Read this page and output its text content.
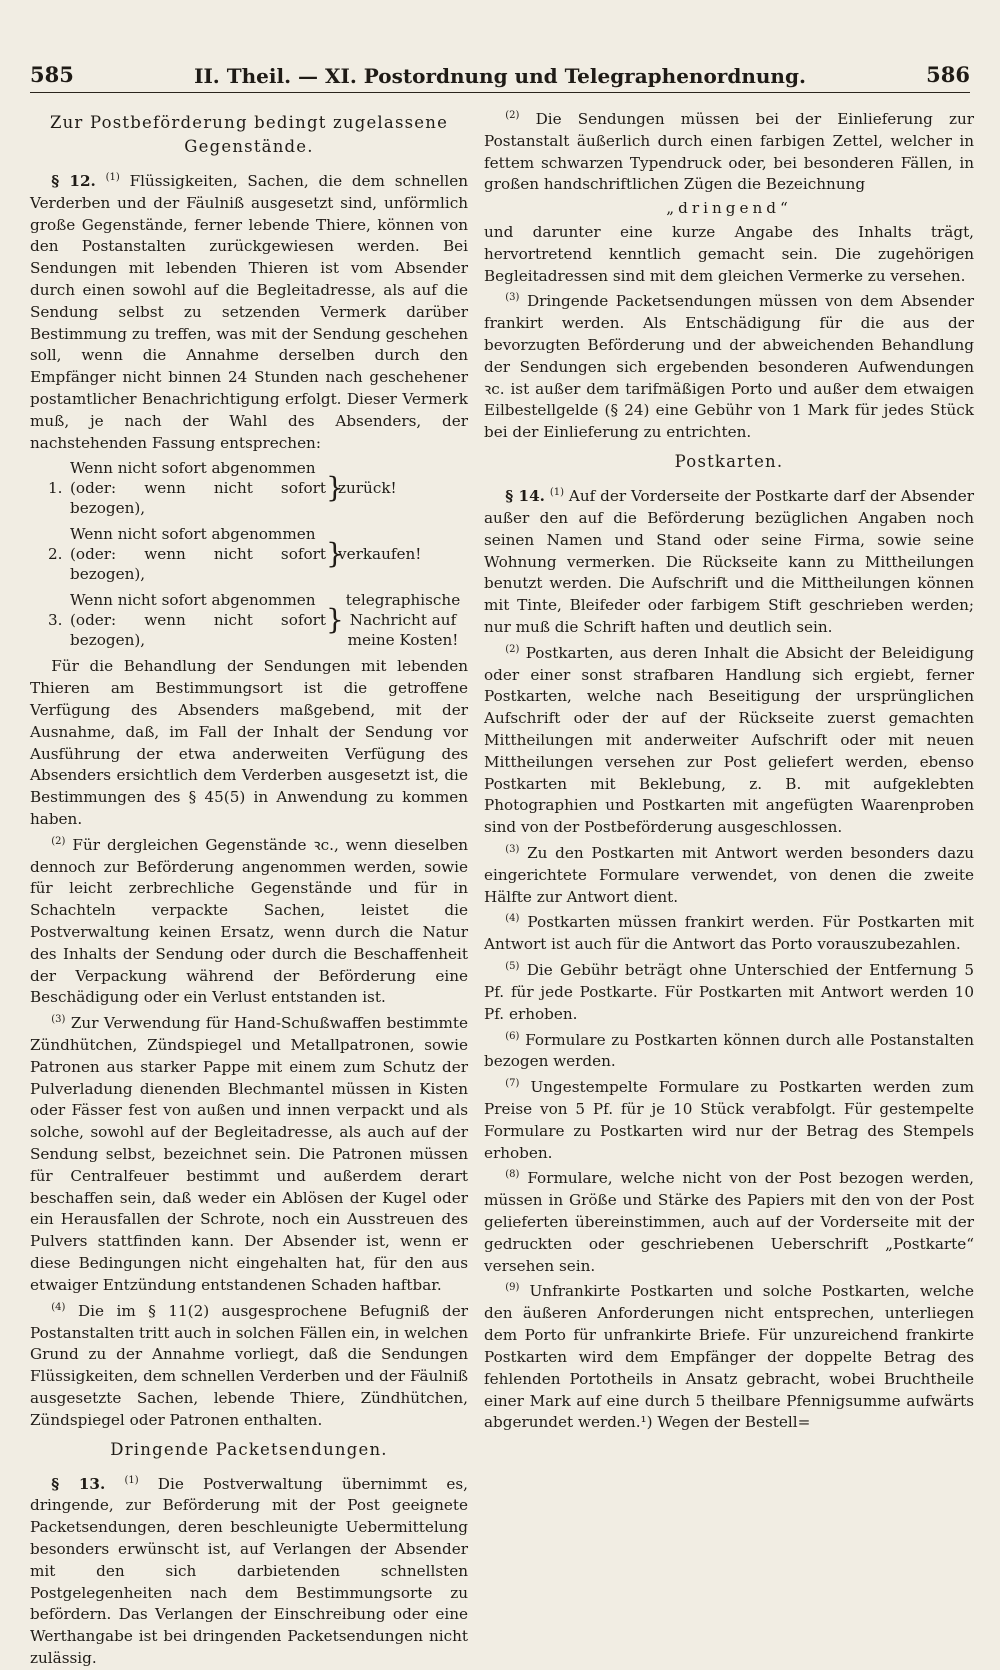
585	II. Theil. — XI. Postordnung und Telegraphenordnung.	586
Zur Postbeförderung bedingt zugelassene Gegenstände.

§ 12. $^{(1)}$ Flüssigkeiten, Sachen, die dem schnellen Verderben und der Fäulniß ausgesetzt sind, unförmlich große Gegenstände, ferner lebende Thiere, können von den Postanstalten zurückgewiesen werden. Bei Sendungen mit lebenden Thieren ist vom Absender durch einen sowohl auf die Begleitadresse, als auf die Sendung selbst zu setzenden Vermerk darüber Bestimmung zu treffen, was mit der Sendung geschehen soll, wenn die Annahme derselben durch den Empfänger nicht binnen 24 Stunden nach geschehener postamtlicher Benachrichtigung erfolgt. Dieser Vermerk muß, je nach der Wahl des Absenders, der nachstehenden Fassung entsprechen:

1.
Wenn nicht sofort abgenommen
(oder: wenn nicht sofort bezogen),
}
zurück!
2.
Wenn nicht sofort abgenommen
(oder: wenn nicht sofort bezogen),
}
verkaufen!
3.
Wenn nicht sofort abgenommen
(oder: wenn nicht sofort bezogen),
}
telegraphische Nachricht auf meine Kosten!

Für die Behandlung der Sendungen mit lebenden Thieren am Bestimmungsort ist die getroffene Verfügung des Absenders maßgebend, mit der Ausnahme, daß, im Fall der Inhalt der Sendung vor Ausführung der etwa anderweiten Verfügung des Absenders ersichtlich dem Verderben ausgesetzt ist, die Bestimmungen des § 45(5) in Anwendung zu kommen haben.

$^{(2)}$ Für dergleichen Gegenstände ꝛc., wenn dieselben dennoch zur Beförderung angenommen werden, sowie für leicht zerbrechliche Gegenstände und für in Schachteln verpackte Sachen, leistet die Postverwaltung keinen Ersatz, wenn durch die Natur des Inhalts der Sendung oder durch die Beschaffenheit der Verpackung während der Beförderung eine Beschädigung oder ein Verlust entstanden ist.

$^{(3)}$ Zur Verwendung für Hand-Schußwaffen bestimmte Zündhütchen, Zündspiegel und Metallpatronen, sowie Patronen aus starker Pappe mit einem zum Schutz der Pulverladung dienenden Blechmantel müssen in Kisten oder Fässer fest von außen und innen verpackt und als solche, sowohl auf der Begleitadresse, als auch auf der Sendung selbst, bezeichnet sein. Die Patronen müssen für Centralfeuer bestimmt und außerdem derart beschaffen sein, daß weder ein Ablösen der Kugel oder ein Herausfallen der Schrote, noch ein Ausstreuen des Pulvers stattfinden kann. Der Absender ist, wenn er diese Bedingungen nicht eingehalten hat, für den aus etwaiger Entzündung entstandenen Schaden haftbar.

$^{(4)}$ Die im § 11(2) ausgesprochene Befugniß der Postanstalten tritt auch in solchen Fällen ein, in welchen Grund zu der Annahme vorliegt, daß die Sendungen Flüssigkeiten, dem schnellen Verderben und der Fäulniß ausgesetzte Sachen, lebende Thiere, Zündhütchen, Zündspiegel oder Patronen enthalten.

Dringende Packetsendungen.

§ 13. $^{(1)}$ Die Postverwaltung übernimmt es, dringende, zur Beförderung mit der Post geeignete Packetsendungen, deren beschleunigte Uebermittelung besonders erwünscht ist, auf Verlangen der Absender mit den sich darbietenden schnellsten Postgelegenheiten nach dem Bestimmungsorte zu befördern. Das Verlangen der Einschreibung oder eine Werthangabe ist bei dringenden Packetsendungen nicht zulässig.

$^{(2)}$ Die Sendungen müssen bei der Einlieferung zur Postanstalt äußerlich durch einen farbigen Zettel, welcher in fettem schwarzen Typendruck oder, bei besonderen Fällen, in großen handschriftlichen Zügen die Bezeichnung

„dringend“

und darunter eine kurze Angabe des Inhalts trägt, hervortretend kenntlich gemacht sein. Die zugehörigen Begleitadressen sind mit dem gleichen Vermerke zu versehen.

$^{(3)}$ Dringende Packetsendungen müssen von dem Absender frankirt werden. Als Entschädigung für die aus der bevorzugten Beförderung und der abweichenden Behandlung der Sendungen sich ergebenden besonderen Aufwendungen ꝛc. ist außer dem tarifmäßigen Porto und außer dem etwaigen Eilbestellgelde (§ 24) eine Gebühr von 1 Mark für jedes Stück bei der Einlieferung zu entrichten.

Postkarten.

§ 14. $^{(1)}$ Auf der Vorderseite der Postkarte darf der Absender außer den auf die Beförderung bezüglichen Angaben noch seinen Namen und Stand oder seine Firma, sowie seine Wohnung vermerken. Die Rückseite kann zu Mittheilungen benutzt werden. Die Aufschrift und die Mittheilungen können mit Tinte, Bleifeder oder farbigem Stift geschrieben werden; nur muß die Schrift haften und deutlich sein.

$^{(2)}$ Postkarten, aus deren Inhalt die Absicht der Beleidigung oder einer sonst strafbaren Handlung sich ergiebt, ferner Postkarten, welche nach Beseitigung der ursprünglichen Aufschrift oder der auf der Rückseite zuerst gemachten Mittheilungen mit anderweiter Aufschrift oder mit neuen Mittheilungen versehen zur Post geliefert werden, ebenso Postkarten mit Beklebung, z. B. mit aufgeklebten Photographien und Postkarten mit angefügten Waarenproben sind von der Postbeförderung ausgeschlossen.

$^{(3)}$ Zu den Postkarten mit Antwort werden besonders dazu eingerichtete Formulare verwendet, von denen die zweite Hälfte zur Antwort dient.

$^{(4)}$ Postkarten müssen frankirt werden. Für Postkarten mit Antwort ist auch für die Antwort das Porto vorauszubezahlen.

$^{(5)}$ Die Gebühr beträgt ohne Unterschied der Entfernung 5 Pf. für jede Postkarte. Für Postkarten mit Antwort werden 10 Pf. erhoben.

$^{(6)}$ Formulare zu Postkarten können durch alle Postanstalten bezogen werden.

$^{(7)}$ Ungestempelte Formulare zu Postkarten werden zum Preise von 5 Pf. für je 10 Stück verabfolgt. Für gestempelte Formulare zu Postkarten wird nur der Betrag des Stempels erhoben.

$^{(8)}$ Formulare, welche nicht von der Post bezogen werden, müssen in Größe und Stärke des Papiers mit den von der Post gelieferten übereinstimmen, auch auf der Vorderseite mit der gedruckten oder geschriebenen Ueberschrift „Postkarte“ versehen sein.

$^{(9)}$ Unfrankirte Postkarten und solche Postkarten, welche den äußeren Anforderungen nicht entsprechen, unterliegen dem Porto für unfrankirte Briefe. Für unzureichend frankirte Postkarten wird dem Empfänger der doppelte Betrag des fehlenden Portotheils in Ansatz gebracht, wobei Bruchtheile einer Mark auf eine durch 5 theilbare Pfennigsumme aufwärts abgerundet werden.¹) Wegen der Bestell=
